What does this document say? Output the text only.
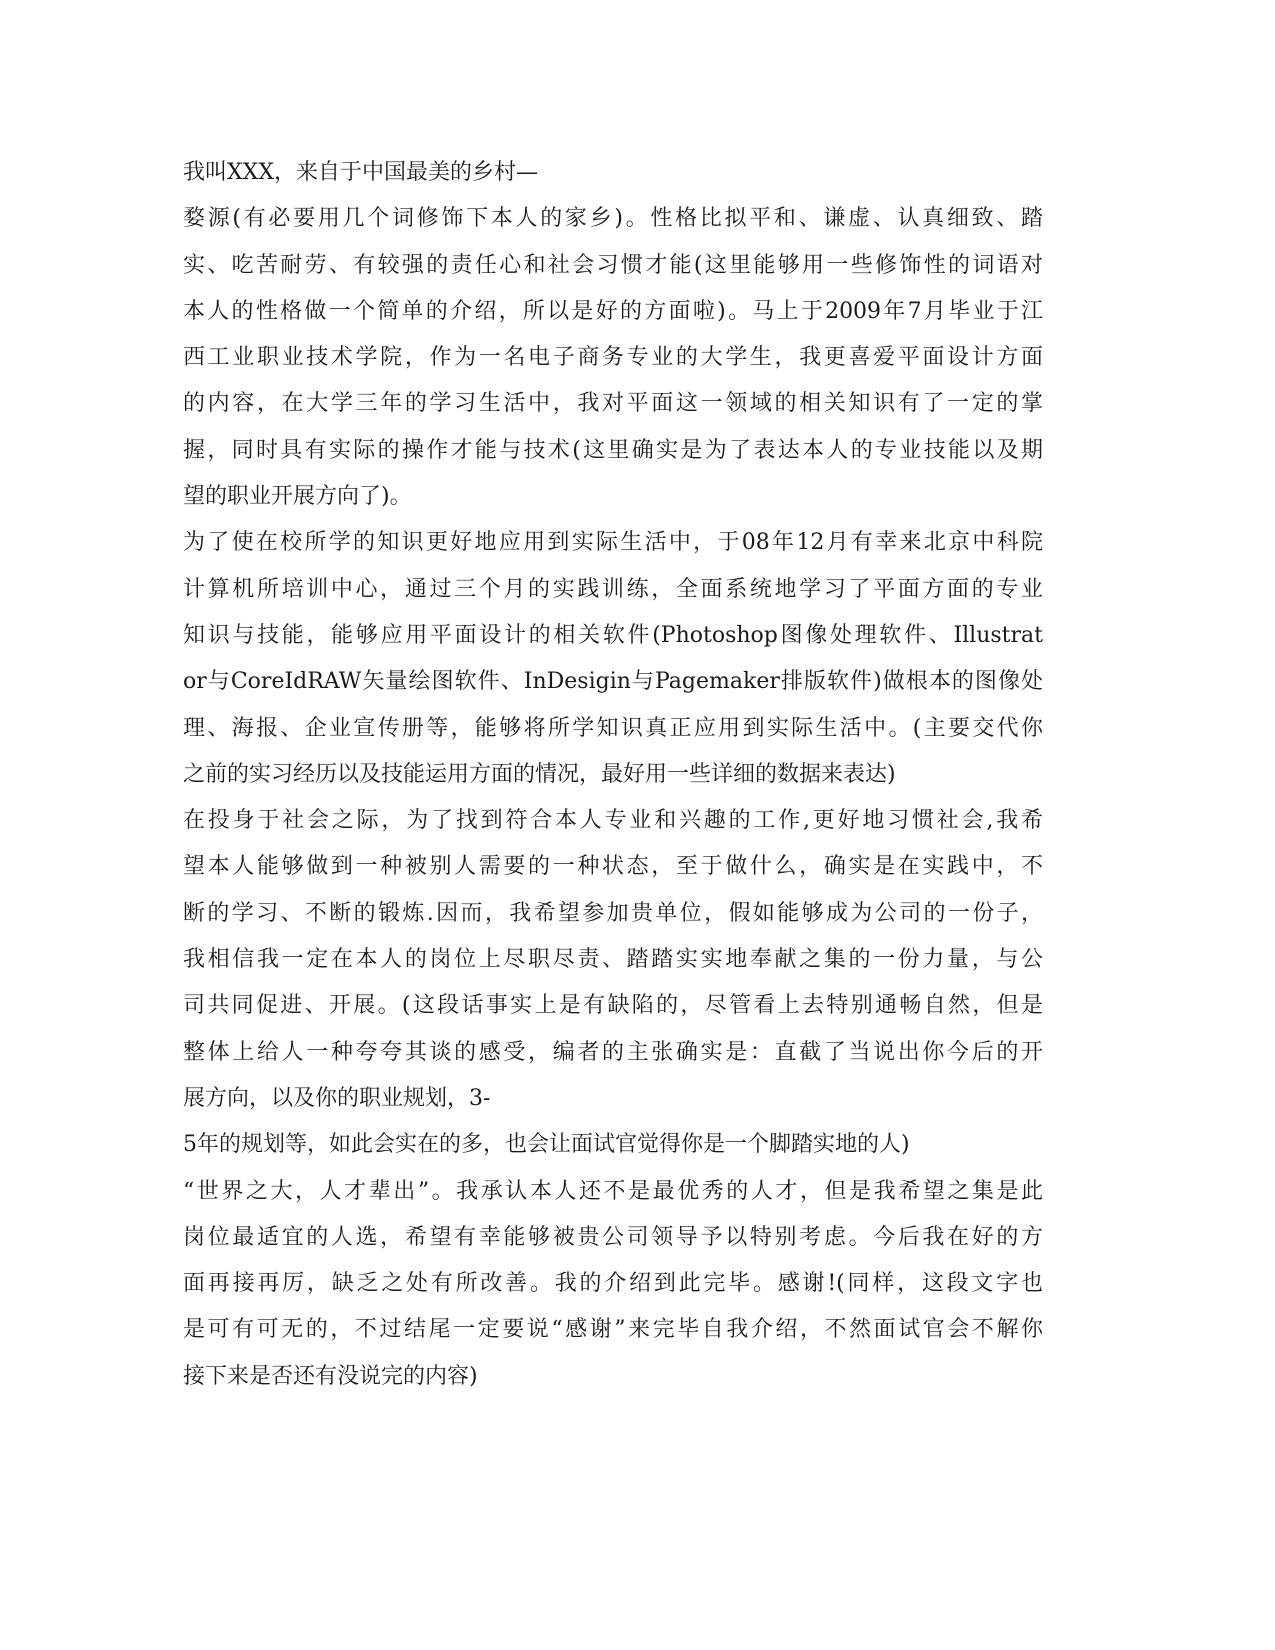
我叫XXX，来自于中国最美的乡村—
婺源(有必要用几个词修饰下本人的家乡)。性格比拟平和、谦虚、认真细致、踏
实、吃苦耐劳、有较强的责任心和社会习惯才能(这里能够用一些修饰性的词语对
本人的性格做一个简单的介绍，所以是好的方面啦)。马上于2009年7月毕业于江
西工业职业技术学院，作为一名电子商务专业的大学生，我更喜爱平面设计方面
的内容，在大学三年的学习生活中，我对平面这一领域的相关知识有了一定的掌
握，同时具有实际的操作才能与技术(这里确实是为了表达本人的专业技能以及期
望的职业开展方向了)。
为了使在校所学的知识更好地应用到实际生活中，于08年12月有幸来北京中科院
计算机所培训中心，通过三个月的实践训练，全面系统地学习了平面方面的专业
知识与技能，能够应用平面设计的相关软件(Photoshop图像处理软件、Illustrat
or与CoreIdRAW矢量绘图软件、InDesigin与Pagemaker排版软件)做根本的图像处
理、海报、企业宣传册等，能够将所学知识真正应用到实际生活中。(主要交代你
之前的实习经历以及技能运用方面的情况，最好用一些详细的数据来表达)
在投身于社会之际，为了找到符合本人专业和兴趣的工作,更好地习惯社会,我希
望本人能够做到一种被别人需要的一种状态，至于做什么，确实是在实践中，不
断的学习、不断的锻炼.因而，我希望参加贵单位，假如能够成为公司的一份子，
我相信我一定在本人的岗位上尽职尽责、踏踏实实地奉献之集的一份力量，与公
司共同促进、开展。(这段话事实上是有缺陷的，尽管看上去特别通畅自然，但是
整体上给人一种夸夸其谈的感受，编者的主张确实是：直截了当说出你今后的开
展方向，以及你的职业规划，3-
5年的规划等，如此会实在的多，也会让面试官觉得你是一个脚踏实地的人)
“世界之大，人才辈出”。我承认本人还不是最优秀的人才，但是我希望之集是此
岗位最适宜的人选，希望有幸能够被贵公司领导予以特别考虑。今后我在好的方
面再接再厉，缺乏之处有所改善。我的介绍到此完毕。感谢!(同样，这段文字也
是可有可无的，不过结尾一定要说“感谢”来完毕自我介绍，不然面试官会不解你
接下来是否还有没说完的内容)
